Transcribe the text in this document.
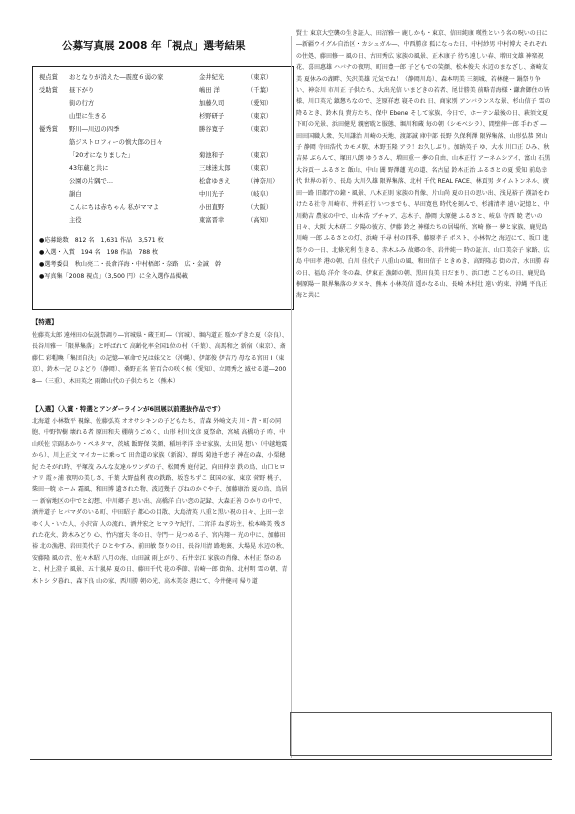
公募写真展 2008 年「視点」選考結果
視点賞	おとなりが消えた―震度６弱の家	金井紀光	（東京）
受助賞	昼下がり	嶋田 洋	（千葉）
街の行方	加藤久司	（愛知）
山里に生きる	杉野研子	（東京）
優秀賞	野川―川辺の四季	勝谷寛子	（東京）
筋ジストロフィーの慎大郎の日々
「20才になりました」	菊池和子	（東京）
43年蔵と共に	三球迷太郎	（東京）
公園の片隅で…	松倉ゆきえ	（神奈川）
韻白	中川光子	（岐阜）
こんにちは赤ちゃん 私がママよ	小田直野	（大阪）
主役	東富晋幸	（高知）
●応募総数　812 名　1,631 作品　3,571 枚
●入選・入賞　194 名　198 作品　788 枚
●選考委員　秋山亮二・長倉洋海・中村梧郎・奈路　広・金誠　幹
●写真集「2008 視点」（3,500 円）に全入選作品掲載
【特選】
佐藤英太郎 遠州田の伝説祭調り―宮城県・蔵王町―（宮城）、堀内道正 駈かずきた夏（奈良）、長谷川雅一「限界集落」と呼ばれて 高齢化率全国1位の村（千葉）、高馬和之 新宿（東京）、斎藤仁 彩帽喚「集団自決」の記憶―軍命で兄は妹父と（沖縄）、伊部俊 伊吉乃 母なる宮田 I（東京）、鈴木一記 ひよどり（静岡）、桑野正名 笹百合の咲く候（愛知）、立岡秀之 滅せる道―2008―（三重）、木田英之 雨飾山代の子供たちと（熊本）
【入選】（入賞・特選とアンダーラインが6回展以前選抜作品です）
北海道 小林数平 視線、佐藤弘英 オオサシキンの子どもたち、青森 外崎文夫 川・昔・町の同胞、中野智樹 壊れる者 原田和夫 棚萌うごめく、山形 村川文彦 夏祭命、宮城 高橋功子 昨、中山咲佐 宗副あかり・ペネタマ、茨城 飯野保 笑顔、稲垣孝洋 幸せ家族、太田晃 想い（中越地震から）、川上正文 マイカーに乗って 田舎道の家族（新潟）、群馬 菊池千恵子 神在の森、小栗穂紀 たそがれ時、平塚茂 みんな友達ルワンダの子、松岡秀 庭付記、向田伸幸 鉄の鳥、山口ヒロナリ 霞ヶ浦 夜明の美しさ、千葉 大野益利 夜の鉄路、坂巻ちずこ 貧国の家、東京 菅野 桃子、柴田一暁 ホーム 霜風、和田博 遺された物、波辺幾子 ぴねのかぐや子、加藤康治 夏の鳥、鳥居一 新宿地区の中でと幻想、中川郷子 思い出、高橋洋 白い恋の記録、大森正善 ひかりの中で、酒井道子 ヒバマダのいる町、中田昭子 都心の目散、大島清英 八重と黒い祝の日々、上田一幸 ゆく人・いた人、小沢宙 人の流れ、酒井宏之 ヒマラヤ紀行、二宮洋 ねぎ坊主、松本峰美 残された花火、鈴木みどり 心、竹内富夫 冬の日、寺門一 見つめる子、宮内翔一 光の中に、加藤田裕 北の漁港、岩田美代子 ひとやすみ、前田敏 祭りの日、長谷川清 路地裏、大場晃 水辺の秋、安藤隆 風の音、佐々木昭 八月の海、山田誠 雨上がり、石井幸江 家族の肖像、木村正 祭のあと、村上澄子 風景、五十嵐昇 夏の日、藤田千代 花の季節、岩崎一郎 街角、北村明 雪の朝、青木トシ 夕暮れ、森下良 山の家、西川勝 朝の光、高木美奈 港にて、今井健司 帰り道
賢士 東京大空襲の生き証人、田沼雅一 鹿しかも・東京、信田純康 嘆性という名の呪いの日に―新疆ウイグル自治区・カシュガル―、中西勝彦 狐になった日、中村紗男 中村博大 それぞれの住処、藤田修一 風の日、古田秀広 家族の風景、正木康子 待ち遠しい春、増田文雄 神楽祝花、喜田惠雄 ハバナの夜明、町田豊一郎 子どもでの笑顔、松本俊夫 水辺のまなざし、斎崎友美 夏休みの湖畔、矢沢美雄 元気でね！（静岡川島）、森本明美 三刻城、若林健一 鍋祭り争い、神奈川 市川正 子供たち、大出光信 いまどきの若者、尾廿勝美 前略青海様・鎌倉御住の皆様、川口英元 鎮懇ちなので、芝原祥恵 寝そのれ 日、商家別 アンバランスな景、杉山信子 雪の降るとき、鈴木良 貴方たち、保中 Ebene そして家族、今日で、ホーテン最後の日、萩須文夏 下町の光景、浜田健児 親密耽と服態、堀川和蔵 毎の朝（シモベシラ）、間壁伸一郎 手わざ ―田田国職人衆、矢川謙治 川崎の天地、渡部誠 庫中部 長野 久保利澤 限界集落、山形弘恭 窯山子 静岡 寺田浩代 カモメ駅、木野玉隆 アラ！お久しぶり。加納英子 ゆ、大水 川口正 ひみ、秋吉昇 ぶらんて、塚田八朗 ゆうさん、増田重一 夢の自由、山本正行 アーネムシアイ、富山 石黒 大谷貢一 ふるさと 飯山、中山 闇 野澤蓮 光の道、名古屋 鈴木正治 ふるさとの夏 愛知 前島幸代 世界の祈り、長島 大川久雄 限界集落、北村 千代 REAL FACE、林貢男 タイムトンネル、廣田一路 旧都庁の鐘・風景、八木正則 家族の肖像、片山尚 夏の日の思い出、浅見裕子 漢語をわけたる社寺 川崎市、井料正行 いつまでも、早田寛也 時代を刻んで、杉浦清孝 遠い記憶と、中川勤吉 農家の中で、山本浩 ブチャア、志木子、静岡 大原健 ふるさと、岐阜 寺西 暁 老いの日々、大阪 大木研二 夕陽の彼方、伊藤 鈴之 神様たちの居場所、宮崎 修一 夢と家族、鹿児島 川崎 一郎 ふるさとの灯、浜崎 千尋 村の四季、藤原孝子 ポスト、小林智之 海辺にて、坂口 進 祭りの一日、北條光利 生きる、赤木ふみ 故郷の冬、岩井純一 時の証言、山口美奈子 家路、広島 中田孝 港の朝、白川 佳代子 八重山の風、和田信子 ときめき、高野隆志 街の音、水田勝 春の日、福島 洋介 冬の森、伊東正 漁師の朝、黒田良美 日だまり、浜口恵 こどもの日、鹿児島 桐原陽一 限界集落のタヌキ、熊本 小林英信 遥かなる山、長崎 木村壮 遠い約束、沖縄 平良正 海と共に
